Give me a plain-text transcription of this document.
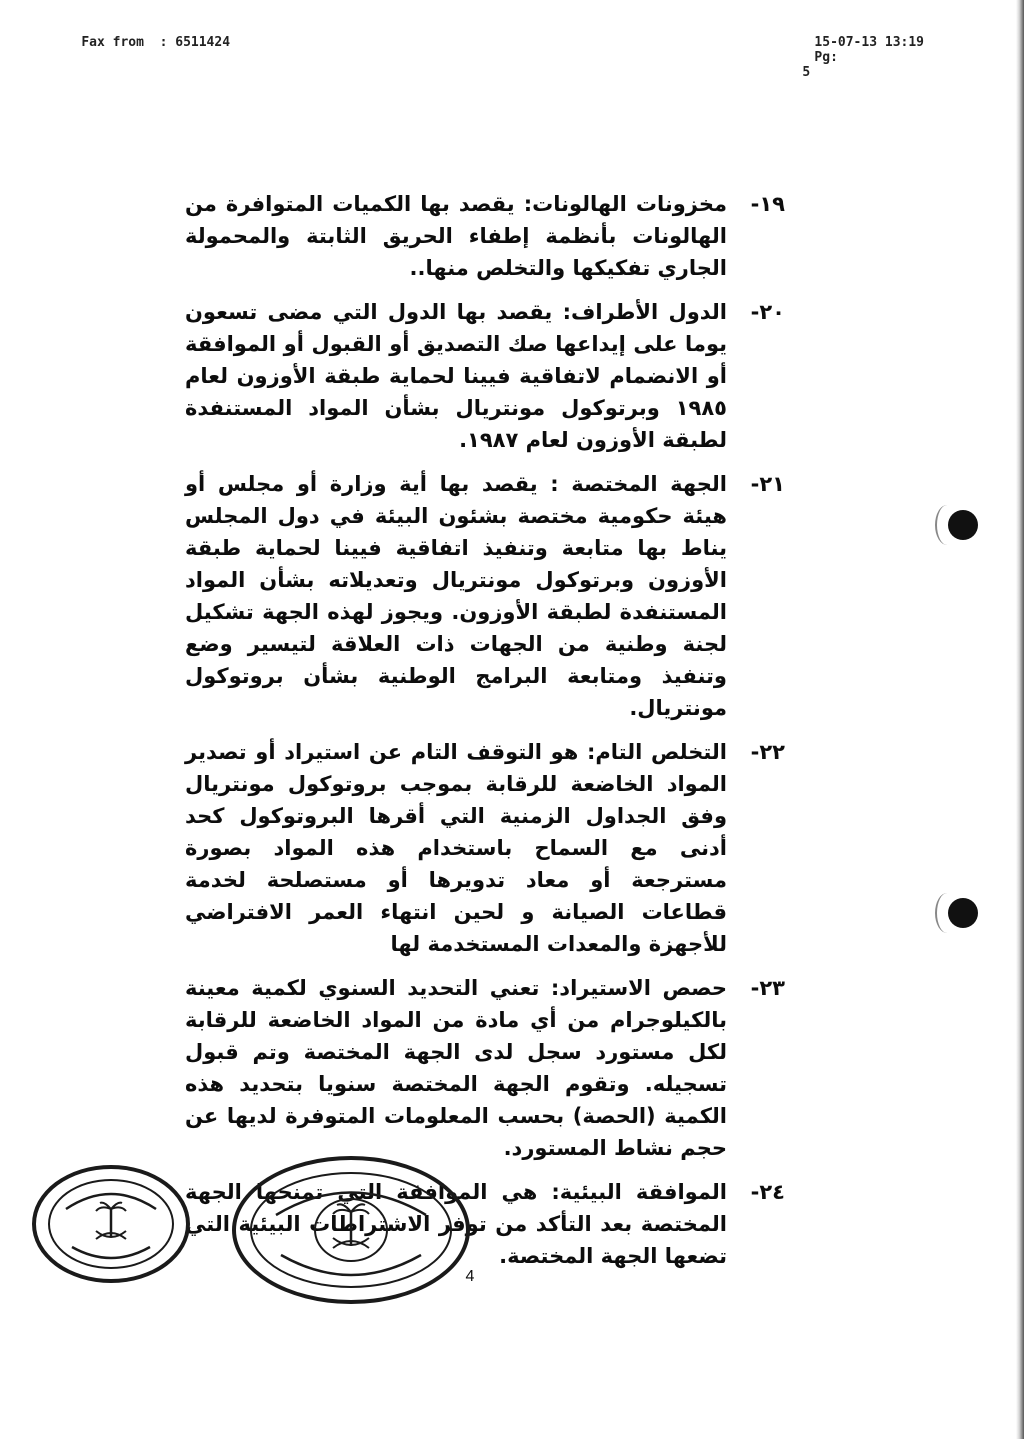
Fax from : 6511424
	15-07-13 13:19
Pg:
5

١٩-
مخزونات الهالونات: يقصد بها الكميات المتوافرة من الهالونات بأنظمة إطفاء الحريق الثابتة والمحمولة الجاري تفكيكها والتخلص منها..
٢٠-
الدول الأطراف: يقصد بها الدول التي مضى تسعون يوما على إيداعها صك التصديق أو القبول أو الموافقة أو الانضمام لاتفاقية فيينا لحماية طبقة الأوزون لعام ١٩٨٥ وبرتوكول مونتريال بشأن المواد المستنفدة لطبقة الأوزون لعام ١٩٨٧.
٢١-
الجهة المختصة : يقصد بها أية وزارة أو مجلس أو هيئة حكومية مختصة بشئون البيئة في دول المجلس يناط بها متابعة وتنفيذ اتفاقية فيينا لحماية طبقة الأوزون وبرتوكول مونتريال وتعديلاته بشأن المواد المستنفدة لطبقة الأوزون. ويجوز لهذه الجهة تشكيل لجنة وطنية من الجهات ذات العلاقة لتيسير وضع وتنفيذ ومتابعة البرامج الوطنية بشأن بروتوكول مونتريال.
٢٢-
التخلص التام: هو التوقف التام عن استيراد أو تصدير المواد الخاضعة للرقابة بموجب بروتوكول مونتريال وفق الجداول الزمنية التي أقرها البروتوكول كحد أدنى مع السماح باستخدام هذه المواد بصورة مسترجعة أو معاد تدويرها أو مستصلحة لخدمة قطاعات الصيانة و لحين انتهاء العمر الافتراضي للأجهزة والمعدات المستخدمة لها
٢٣-
حصص الاستيراد: تعني التحديد السنوي لكمية معينة بالكيلوجرام من أي مادة من المواد الخاضعة للرقابة لكل مستورد سجل لدى الجهة المختصة وتم قبول تسجيله. وتقوم الجهة المختصة سنويا بتحديد هذه الكمية (الحصة) بحسب المعلومات المتوفرة لديها عن حجم نشاط المستورد.
٢٤-
الموافقة البيئية: هي الموافقة التي تمنحها الجهة المختصة بعد التأكد من توفر الاشتراطات البيئية التي تضعها الجهة المختصة.
4
